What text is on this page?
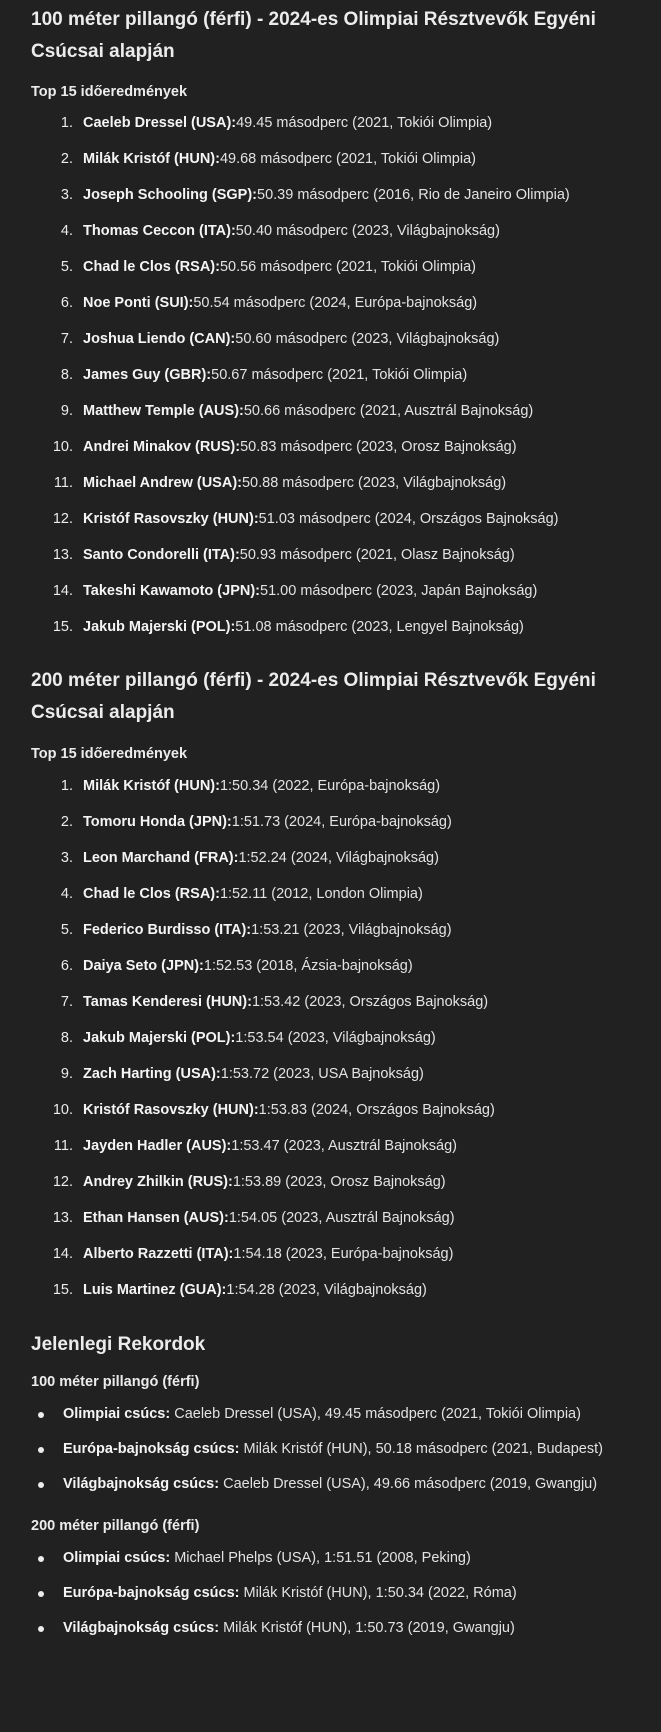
100 méter pillangó (férfi) - 2024-es Olimpiai Résztvevők Egyéni Csúcsai alapján
Top 15 időeredmények
1. Caeleb Dressel (USA): 49.45 másodperc (2021, Tokiói Olimpia)
2. Milák Kristóf (HUN): 49.68 másodperc (2021, Tokiói Olimpia)
3. Joseph Schooling (SGP): 50.39 másodperc (2016, Rio de Janeiro Olimpia)
4. Thomas Ceccon (ITA): 50.40 másodperc (2023, Világbajnokság)
5. Chad le Clos (RSA): 50.56 másodperc (2021, Tokiói Olimpia)
6. Noe Ponti (SUI): 50.54 másodperc (2024, Európa-bajnokság)
7. Joshua Liendo (CAN): 50.60 másodperc (2023, Világbajnokság)
8. James Guy (GBR): 50.67 másodperc (2021, Tokiói Olimpia)
9. Matthew Temple (AUS): 50.66 másodperc (2021, Ausztrál Bajnokság)
10. Andrei Minakov (RUS): 50.83 másodperc (2023, Orosz Bajnokság)
11. Michael Andrew (USA): 50.88 másodperc (2023, Világbajnokság)
12. Kristóf Rasovszky (HUN): 51.03 másodperc (2024, Országos Bajnokság)
13. Santo Condorelli (ITA): 50.93 másodperc (2021, Olasz Bajnokság)
14. Takeshi Kawamoto (JPN): 51.00 másodperc (2023, Japán Bajnokság)
15. Jakub Majerski (POL): 51.08 másodperc (2023, Lengyel Bajnokság)
200 méter pillangó (férfi) - 2024-es Olimpiai Résztvevők Egyéni Csúcsai alapján
Top 15 időeredmények
1. Milák Kristóf (HUN): 1:50.34 (2022, Európa-bajnokság)
2. Tomoru Honda (JPN): 1:51.73 (2024, Európa-bajnokság)
3. Leon Marchand (FRA): 1:52.24 (2024, Világbajnokság)
4. Chad le Clos (RSA): 1:52.11 (2012, London Olimpia)
5. Federico Burdisso (ITA): 1:53.21 (2023, Világbajnokság)
6. Daiya Seto (JPN): 1:52.53 (2018, Ázsia-bajnokság)
7. Tamas Kenderesi (HUN): 1:53.42 (2023, Országos Bajnokság)
8. Jakub Majerski (POL): 1:53.54 (2023, Világbajnokság)
9. Zach Harting (USA): 1:53.72 (2023, USA Bajnokság)
10. Kristóf Rasovszky (HUN): 1:53.83 (2024, Országos Bajnokság)
11. Jayden Hadler (AUS): 1:53.47 (2023, Ausztrál Bajnokság)
12. Andrey Zhilkin (RUS): 1:53.89 (2023, Orosz Bajnokság)
13. Ethan Hansen (AUS): 1:54.05 (2023, Ausztrál Bajnokság)
14. Alberto Razzetti (ITA): 1:54.18 (2023, Európa-bajnokság)
15. Luis Martinez (GUA): 1:54.28 (2023, Világbajnokság)
Jelenlegi Rekordok
100 méter pillangó (férfi)
Olimpiai csúcs: Caeleb Dressel (USA), 49.45 másodperc (2021, Tokiói Olimpia)
Európa-bajnokság csúcs: Milák Kristóf (HUN), 50.18 másodperc (2021, Budapest)
Világbajnokság csúcs: Caeleb Dressel (USA), 49.66 másodperc (2019, Gwangju)
200 méter pillangó (férfi)
Olimpiai csúcs: Michael Phelps (USA), 1:51.51 (2008, Peking)
Európa-bajnokság csúcs: Milák Kristóf (HUN), 1:50.34 (2022, Róma)
Világbajnokság csúcs: Milák Kristóf (HUN), 1:50.73 (2019, Gwangju)
